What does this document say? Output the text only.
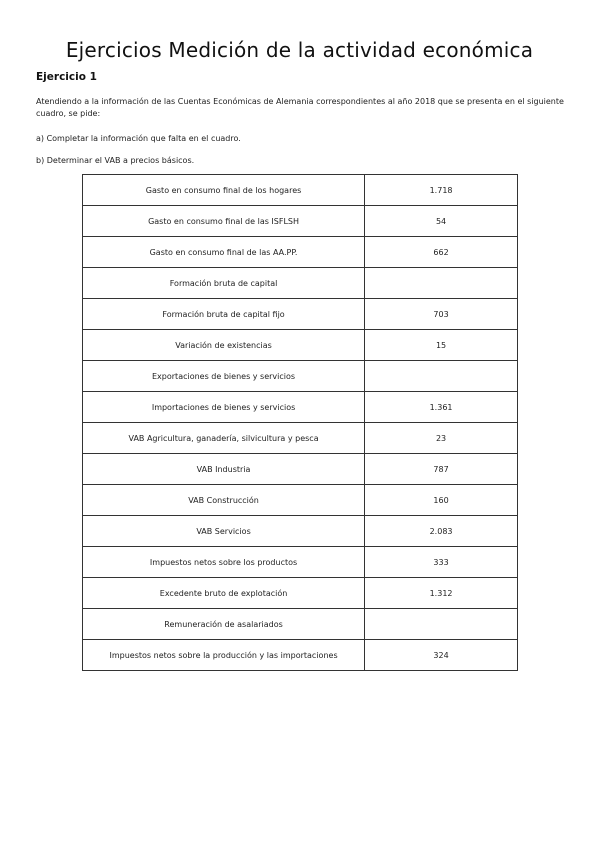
Ejercicios Medición de la actividad económica
Ejercicio 1
Atendiendo a la información de las Cuentas Económicas de Alemania correspondientes al año 2018 que se presenta en el siguiente cuadro, se pide:
a) Completar la información que falta en el cuadro.
b) Determinar el VAB a precios básicos.
Gasto en consumo final de los hogares	1.718
Gasto en consumo final de las ISFLSH	54
Gasto en consumo final de las AA.PP.	662
Formación bruta de capital	
Formación bruta de capital fijo	703
Variación de existencias	15
Exportaciones de bienes y servicios	
Importaciones de bienes y servicios	1.361
VAB Agricultura, ganadería, silvicultura y pesca	23
VAB Industria	787
VAB Construcción	160
VAB Servicios	2.083
Impuestos netos sobre los productos	333
Excedente bruto de explotación	1.312
Remuneración de asalariados	
Impuestos netos sobre la producción y las importaciones	324
